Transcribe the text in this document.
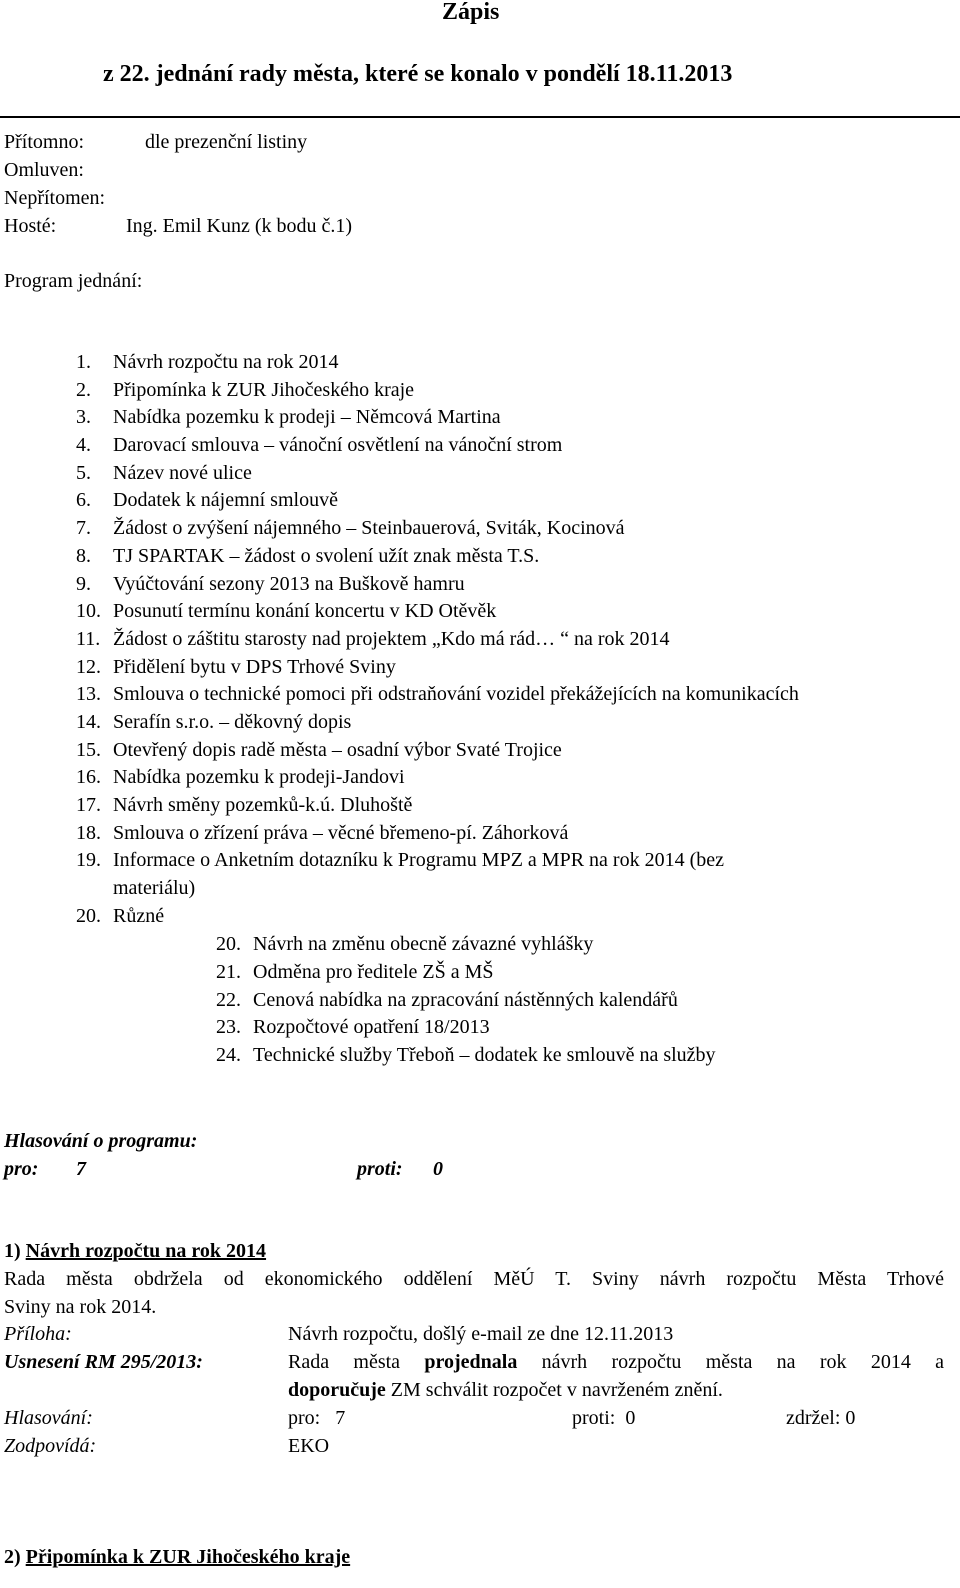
Zápis
z 22. jednání rady města, které se konalo v pondělí 18.11.2013
Přítomno:	dle prezenční listiny
Omluven:
Nepřítomen:
Hosté:	Ing. Emil Kunz (k bodu č.1)
Program jednání:
1.	Návrh rozpočtu na rok 2014
2.	Připomínka k ZUR Jihočeského kraje
3.	Nabídka pozemku k prodeji – Němcová Martina
4.	Darovací smlouva – vánoční osvětlení na vánoční strom
5.	Název nové ulice
6.	Dodatek k nájemní smlouvě
7.	Žádost o zvýšení nájemného – Steinbauerová, Sviták, Kocinová
8.	TJ SPARTAK – žádost o svolení užít znak města T.S.
9.	Vyúčtování sezony 2013 na Buškově hamru
10. Posunutí termínu konání koncertu v KD Otěvěk
11. Žádost o záštitu starosty nad projektem „Kdo má rád… “ na rok 2014
12. Přidělení bytu v DPS Trhové Sviny
13. Smlouva o technické pomoci při odstraňování vozidel překážejících na komunikacích
14. Serafín s.r.o. – děkovný dopis
15. Otevřený dopis radě města – osadní výbor Svaté Trojice
16. Nabídka pozemku k prodeji-Jandovi
17. Návrh směny pozemků-k.ú. Dluhoště
18. Smlouva o zřízení práva – věcné břemeno-pí. Záhorková
19. Informace o Anketním dotazníku k Programu MPZ a MPR na rok 2014 (bez
materiálu)
20. Různé
20. Návrh na změnu obecně závazné vyhlášky
21. Odměna pro ředitele ZŠ a MŠ
22. Cenová nabídka na zpracování nástěnných kalendářů
23. Rozpočtové opatření 18/2013
24. Technické služby Třeboň – dodatek ke smlouvě na služby
Hlasování o programu:
pro: 7	proti: 0
1) Návrh rozpočtu na rok 2014
Rada města obdržela od ekonomického oddělení MěÚ T. Sviny návrh rozpočtu Města Trhové
Sviny na rok 2014.
Příloha:	Návrh rozpočtu, došlý e-mail ze dne 12.11.2013
Usnesení RM 295/2013:	Rada města projednala návrh rozpočtu města na rok 2014 a
doporučuje ZM schválit rozpočet v navrženém znění.
Hlasování:	pro:   7	proti:  0	zdržel: 0
Zodpovídá:	EKO
2) Připomínka k ZUR Jihočeského kraje
